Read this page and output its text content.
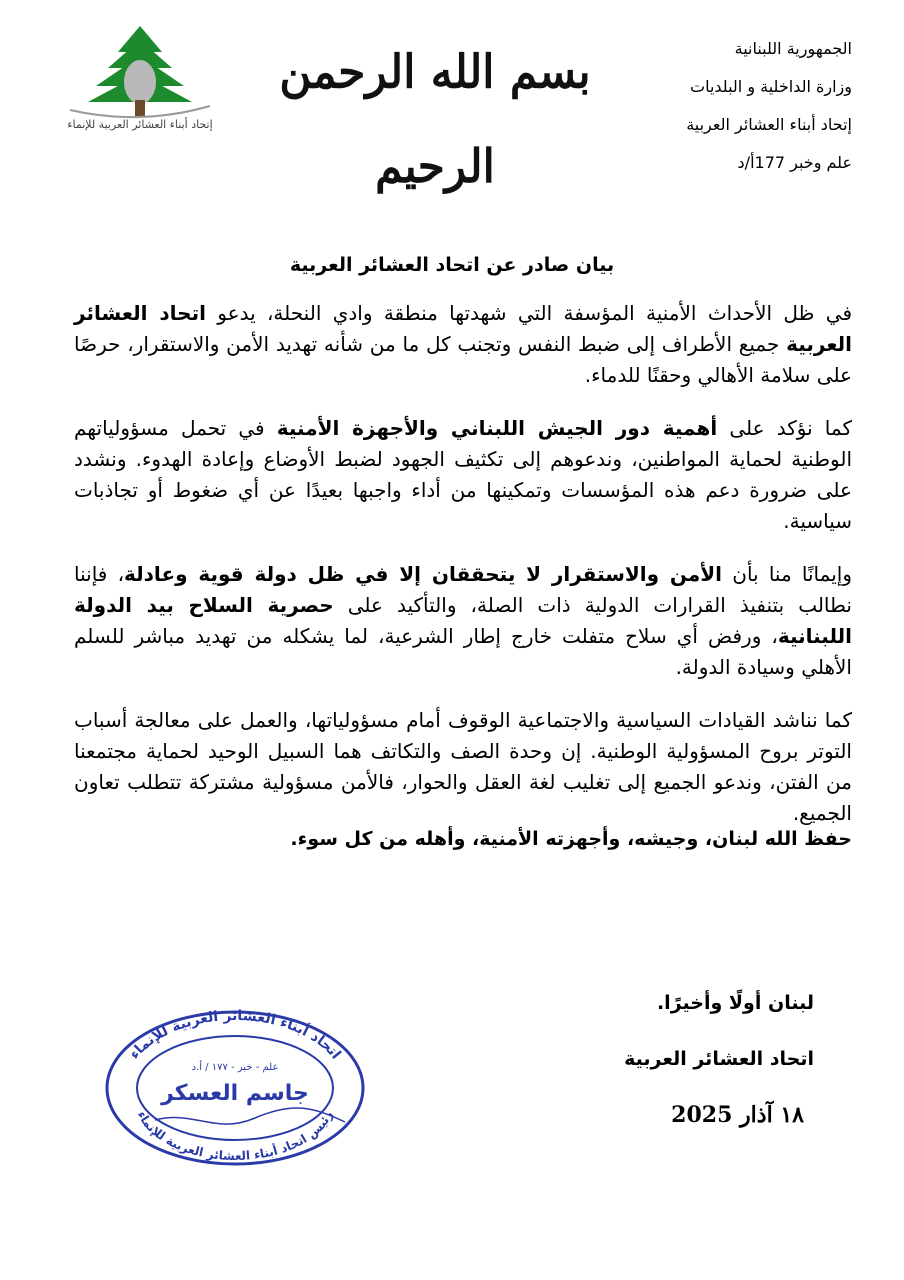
إتحاد أبناء العشائر العربية للإنماء
بسم الله الرحمن الرحيم
الجمهورية اللبنانية
وزارة الداخلية و البلديات
إتحاد أبناء العشائر العربية
علم وخبر 177أ/د
بيان صادر عن اتحاد العشائر العربية

في ظل الأحداث الأمنية المؤسفة التي شهدتها منطقة وادي النحلة، يدعو اتحاد العشائر العربية جميع الأطراف إلى ضبط النفس وتجنب كل ما من شأنه تهديد الأمن والاستقرار، حرصًا على سلامة الأهالي وحقنًا للدماء.

كما نؤكد على أهمية دور الجيش اللبناني والأجهزة الأمنية في تحمل مسؤولياتهم الوطنية لحماية المواطنين، وندعوهم إلى تكثيف الجهود لضبط الأوضاع وإعادة الهدوء. ونشدد على ضرورة دعم هذه المؤسسات وتمكينها من أداء واجبها بعيدًا عن أي ضغوط أو تجاذبات سياسية.

وإيمانًا منا بأن الأمن والاستقرار لا يتحققان إلا في ظل دولة قوية وعادلة، فإننا نطالب بتنفيذ القرارات الدولية ذات الصلة، والتأكيد على حصرية السلاح بيد الدولة اللبنانية، ورفض أي سلاح متفلت خارج إطار الشرعية، لما يشكله من تهديد مباشر للسلم الأهلي وسيادة الدولة.

كما نناشد القيادات السياسية والاجتماعية الوقوف أمام مسؤولياتها، والعمل على معالجة أسباب التوتر بروح المسؤولية الوطنية. إن وحدة الصف والتكاتف هما السبيل الوحيد لحماية مجتمعنا من الفتن، وندعو الجميع إلى تغليب لغة العقل والحوار، فالأمن مسؤولية مشتركة تتطلب تعاون الجميع.

حفظ الله لبنان، وجيشه، وأجهزته الأمنية، وأهله من كل سوء.
لبنان أولًا وأخيرًا.
اتحاد العشائر العربية
١٨ آذار 2025
اتحاد أبناء العشائر العربية للإنماء
رئيس اتحاد أبناء العشائر العربية للإنماء
علم - خبر - ١٧٧ / أ.د
جاسم العسكر
